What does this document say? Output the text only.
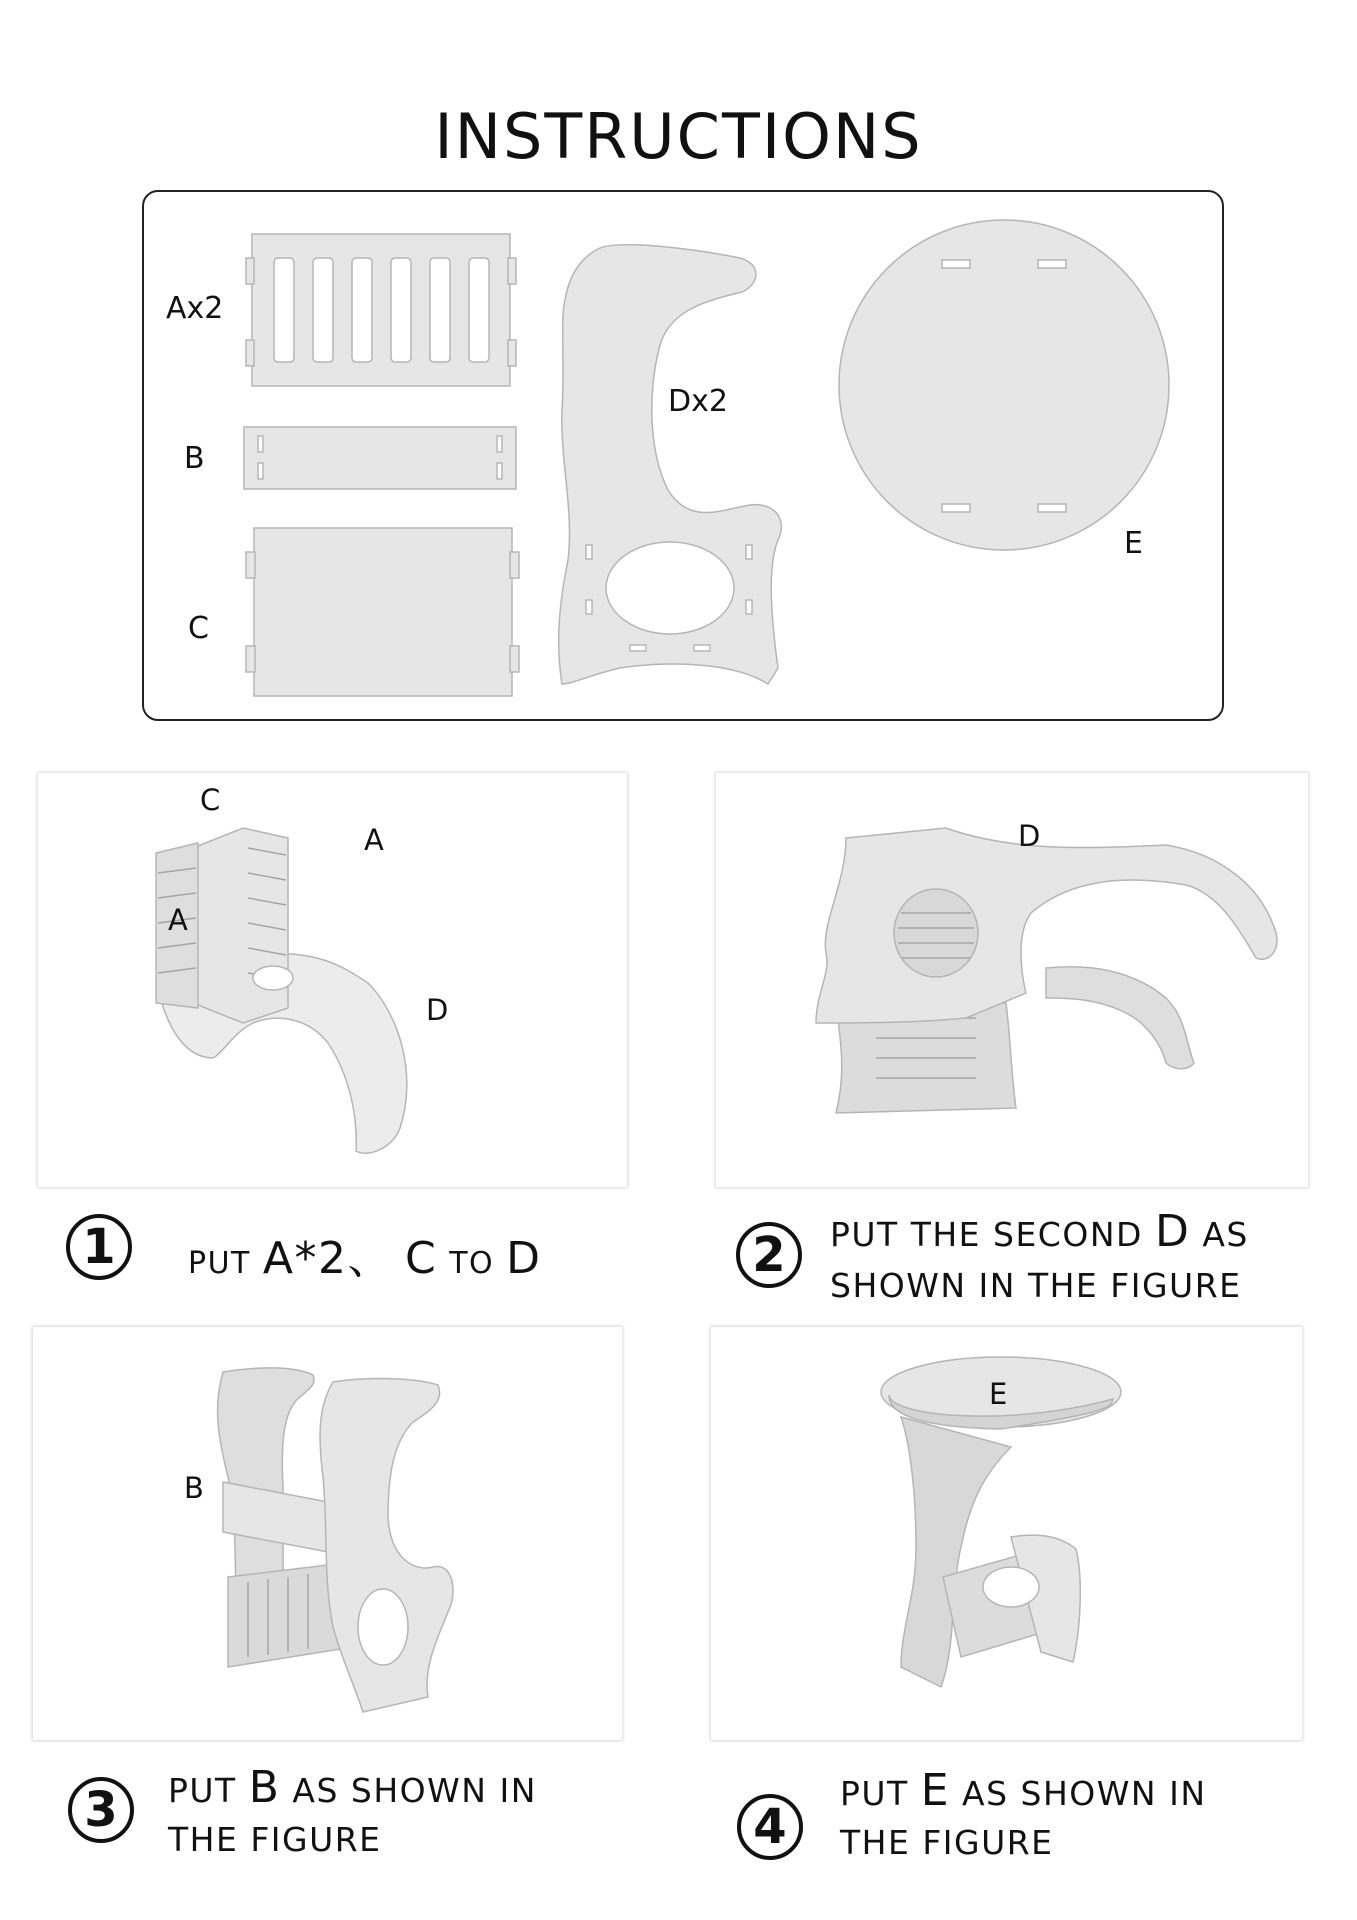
INSTRUCTIONS
Ax2
B
C
Dx2
E
C
A
A
D
D
1	PUT A*2、 C TO D	2	PUT THE SECOND D AS
SHOWN IN THE FIGURE
B
E
3	PUT B AS SHOWN IN
THE FIGURE	4
PUT E AS SHOWN IN
THE FIGURE
